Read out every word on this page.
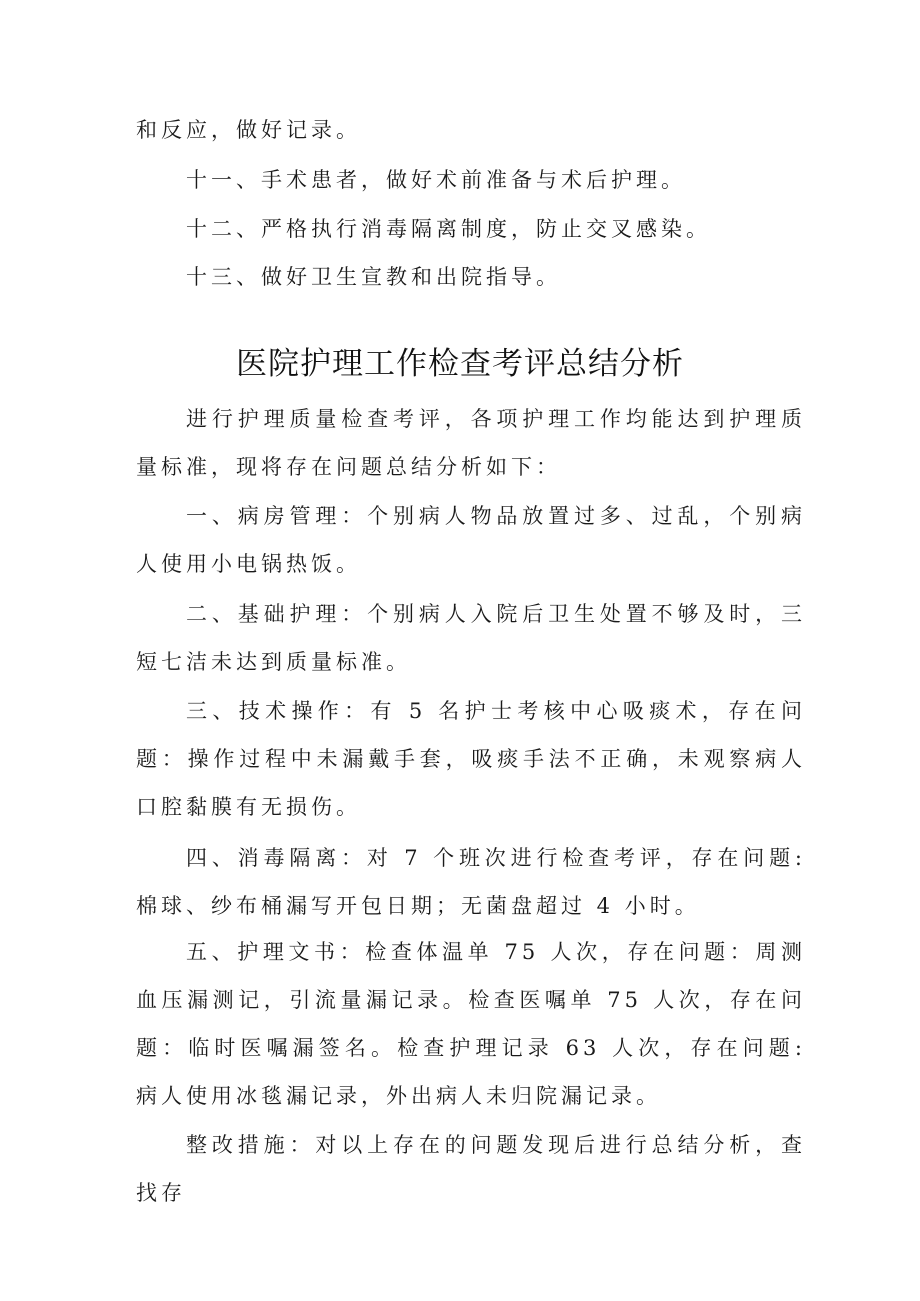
和反应，做好记录。

十一、手术患者，做好术前准备与术后护理。

十二、严格执行消毒隔离制度，防止交叉感染。

十三、做好卫生宣教和出院指导。

医院护理工作检查考评总结分析

进行护理质量检查考评，各项护理工作均能达到护理质量标准，现将存在问题总结分析如下：

一、病房管理：个别病人物品放置过多、过乱，个别病人使用小电锅热饭。

二、基础护理：个别病人入院后卫生处置不够及时，三短七洁未达到质量标准。

三、技术操作：有 5 名护士考核中心吸痰术，存在问题：操作过程中未漏戴手套，吸痰手法不正确，未观察病人口腔黏膜有无损伤。

四、消毒隔离：对 7 个班次进行检查考评，存在问题:棉球、纱布桶漏写开包日期；无菌盘超过 4 小时。

五、护理文书：检查体温单 75 人次，存在问题：周测血压漏测记，引流量漏记录。检查医嘱单 75 人次，存在问题：临时医嘱漏签名。检查护理记录 63 人次，存在问题: 病人使用冰毯漏记录，外出病人未归院漏记录。

整改措施：对以上存在的问题发现后进行总结分析，查找存
